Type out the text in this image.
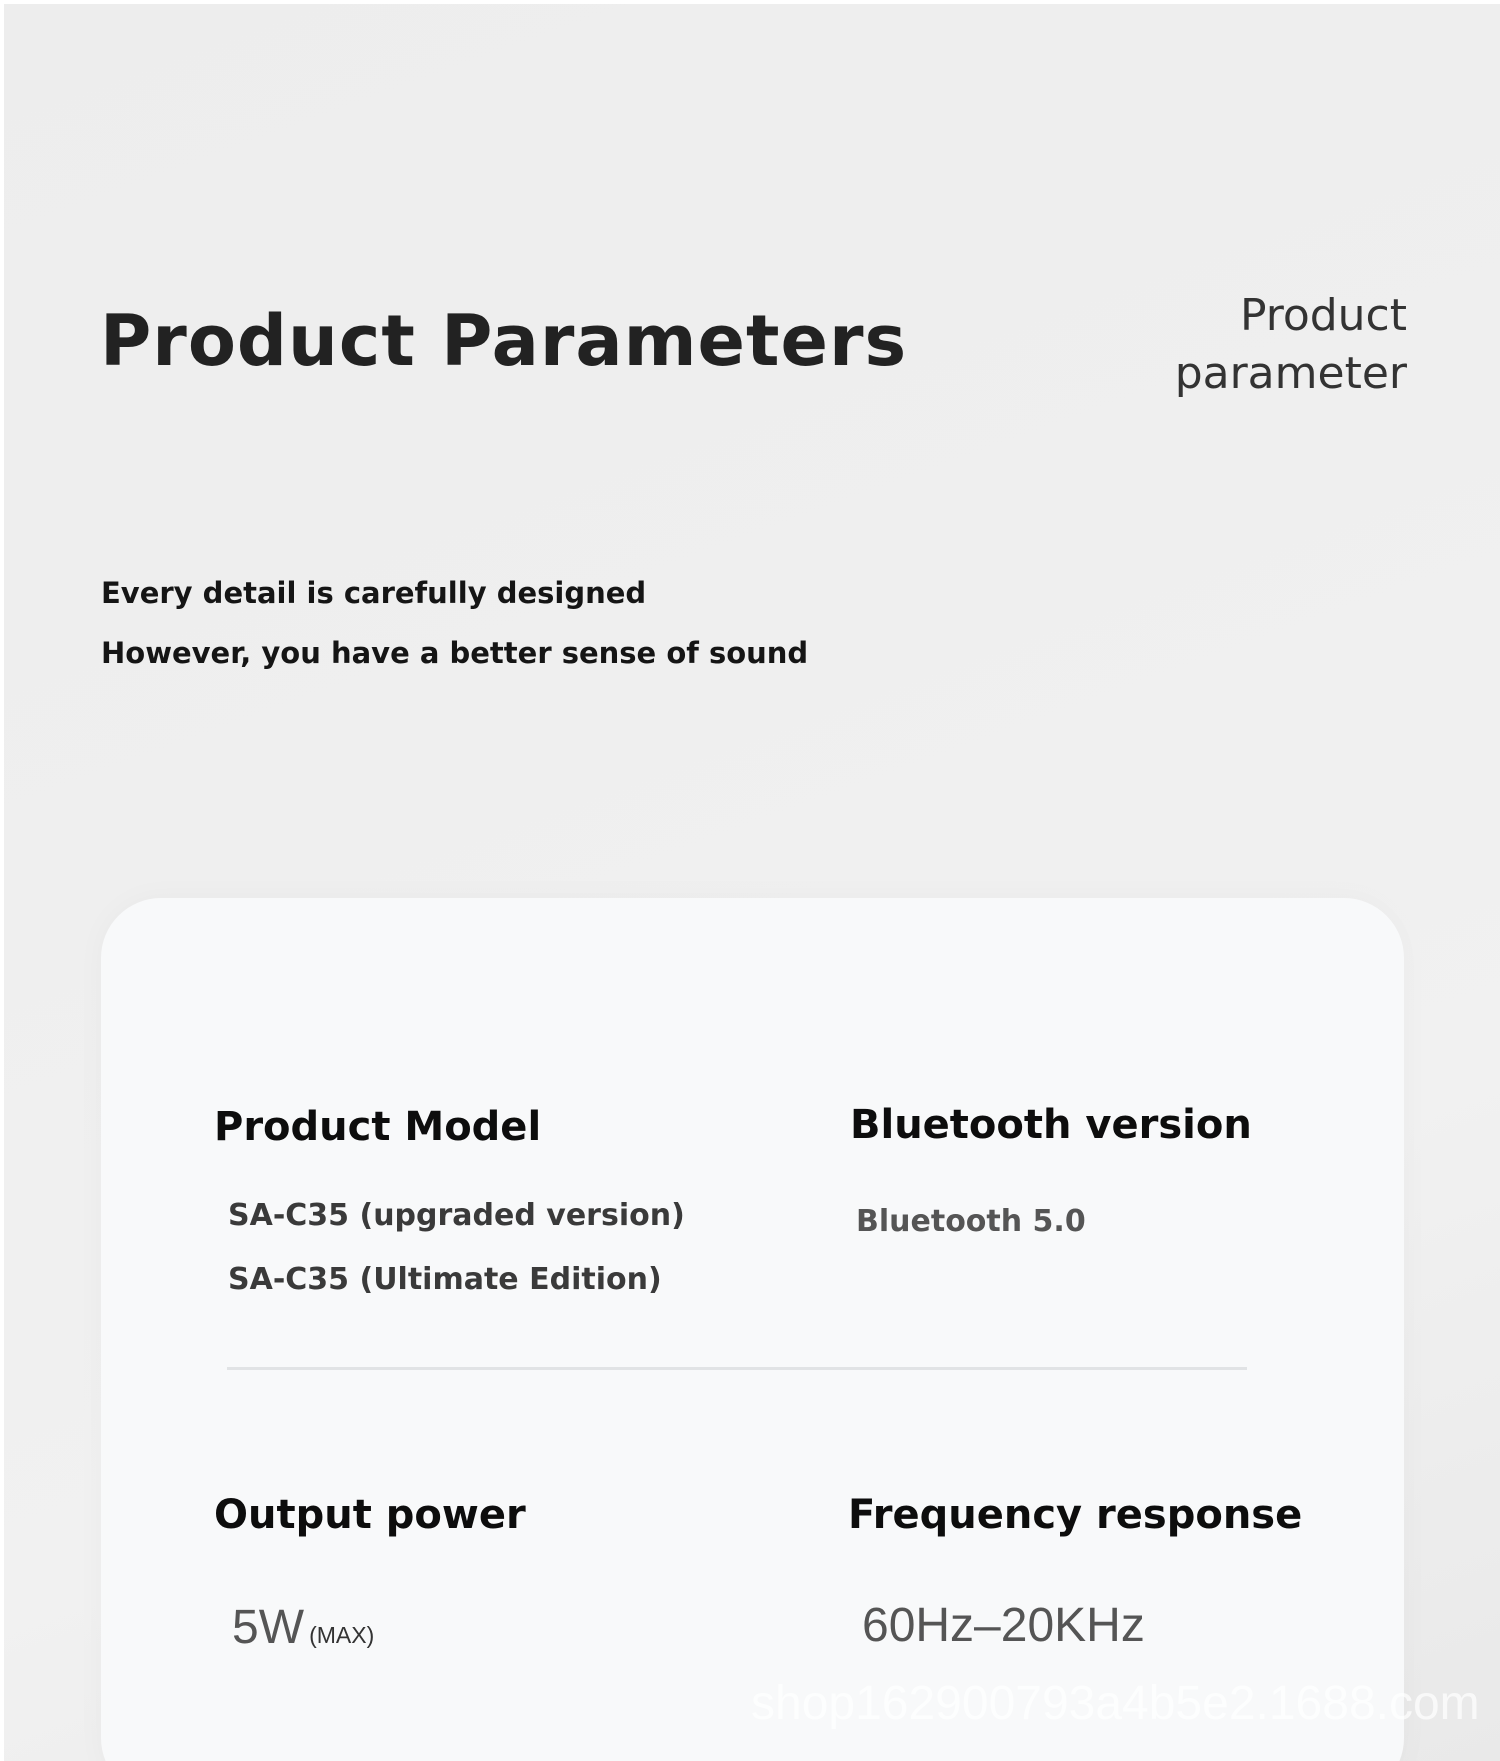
Product Parameters	Product
parameter
Every detail is carefully designed
However, you have a better sense of sound
Product Model
SA-C35 (upgraded version)
SA-C35 (Ultimate Edition)
Bluetooth version
Bluetooth 5.0
Output power
5W (MAX)
Frequency response
60Hz–20KHz
shop162900793a4b5e2.1688.com
